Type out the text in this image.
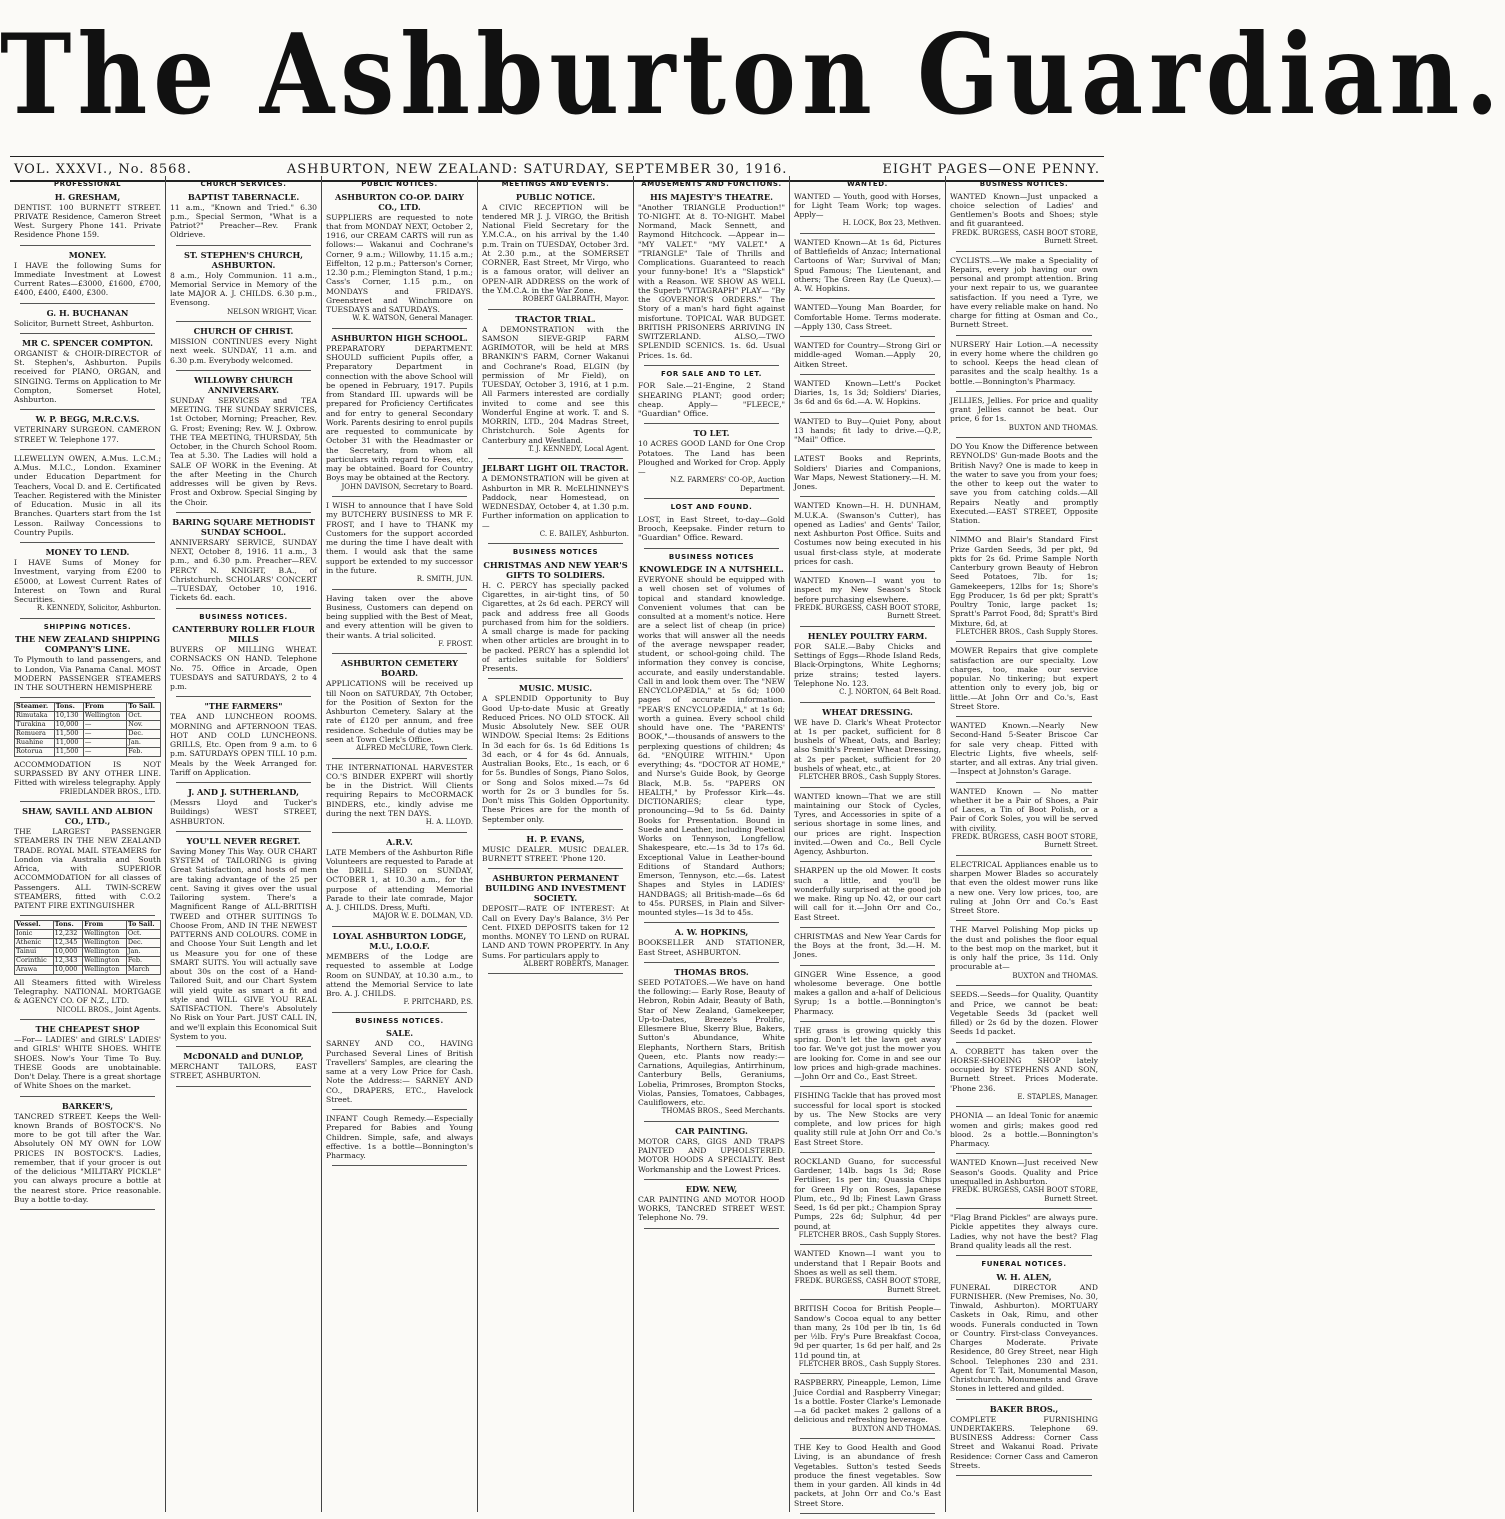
The Ashburton Guardian.
VOL. XXXVI., No. 8568.	ASHBURTON, NEW ZEALAND: SATURDAY, SEPTEMBER 30, 1916.	EIGHT PAGES—ONE PENNY.
PROFESSIONAL
H. GRESHAM,
DENTIST. 100 BURNETT STREET. PRIVATE Residence, Cameron Street West. Surgery Phone 141. Private Residence Phone 159.
MONEY.
I HAVE the following Sums for Immediate Investment at Lowest Current Rates—£3000, £1600, £700, £400, £400, £400, £300.
G. H. BUCHANAN
Solicitor, Burnett Street, Ashburton.
MR C. SPENCER COMPTON.
ORGANIST & CHOIR-DIRECTOR of St. Stephen's, Ashburton. Pupils received for PIANO, ORGAN, and SINGING. Terms on Application to Mr Compton, Somerset Hotel, Ashburton.
W. P. BEGG, M.R.C.V.S.
VETERINARY SURGEON. CAMERON STREET W. Telephone 177.
LLEWELLYN OWEN, A.Mus. L.C.M.; A.Mus. M.I.C., London. Examiner under Education Department for Teachers, Vocal D. and E. Certificated Teacher. Registered with the Minister of Education. Music in all its Branches. Quarters start from the 1st Lesson. Railway Concessions to Country Pupils.
MONEY TO LEND.
I HAVE Sums of Money for Investment, varying from £200 to £5000, at Lowest Current Rates of Interest on Town and Rural Securities.
R. KENNEDY, Solicitor, Ashburton.
SHIPPING NOTICES.
THE NEW ZEALAND SHIPPING COMPANY'S LINE.
To Plymouth to land passengers, and to London, Via Panama Canal. MOST MODERN PASSENGER STEAMERS IN THE SOUTHERN HEMISPHERE
Steamer.	Tons.	From	To Sail.
Rimutaka	10,130	Wellington	Oct.
Turakina	10,000	—	Nov.
Remuera	11,500	—	Dec.
Ruahine	11,000	—	Jan.
Rotorua	11,500	—	Feb.
ACCOMMODATION IS NOT SURPASSED BY ANY OTHER LINE. Fitted with wireless telegraphy. Apply
FRIEDLANDER BROS., LTD.
SHAW, SAVILL AND ALBION CO., LTD.,
THE LARGEST PASSENGER STEAMERS IN THE NEW ZEALAND TRADE. ROYAL MAIL STEAMERS for London via Australia and South Africa, with SUPERIOR ACCOMMODATION for all classes of Passengers. ALL TWIN-SCREW STEAMERS, fitted with C.O.2 PATENT FIRE EXTINGUISHER
Vessel.	Tons.	From	To Sail.
Ionic	12,232	Wellington	Oct.
Athenic	12,345	Wellington	Dec.
Tainui	10,000	Wellington	Jan.
Corinthic	12,343	Wellington	Feb.
Arawa	10,000	Wellington	March
All Steamers fitted with Wireless Telegraphy. NATIONAL MORTGAGE & AGENCY CO. OF N.Z., LTD.
NICOLL BROS., Joint Agents.
THE CHEAPEST SHOP
—For— LADIES' and GIRLS' LADIES' and GIRLS' WHITE SHOES. WHITE SHOES. Now's Your Time To Buy. THESE Goods are unobtainable. Don't Delay. There is a great shortage of White Shoes on the market.
BARKER'S,
TANCRED STREET. Keeps the Well-known Brands of BOSTOCK'S. No more to be got till after the War. Absolutely ON MY OWN for LOW PRICES IN BOSTOCK'S. Ladies, remember, that if your grocer is out of the delicious "MILITARY PICKLE" you can always procure a bottle at the nearest store. Price reasonable. Buy a bottle to-day.
CHURCH SERVICES.
BAPTIST TABERNACLE.
11 a.m., "Known and Tried." 6.30 p.m., Special Sermon, "What is a Patriot?" Preacher—Rev. Frank Oldrieve.
ST. STEPHEN'S CHURCH, ASHBURTON.
8 a.m., Holy Communion. 11 a.m., Memorial Service in Memory of the late MAJOR A. J. CHILDS. 6.30 p.m., Evensong.
NELSON WRIGHT, Vicar.
CHURCH OF CHRIST.
MISSION CONTINUES every Night next week. SUNDAY, 11 a.m. and 6.30 p.m. Everybody welcomed.
WILLOWBY CHURCH ANNIVERSARY.
SUNDAY SERVICES and TEA MEETING. THE SUNDAY SERVICES, 1st October, Morning; Preacher, Rev. G. Frost; Evening; Rev. W. J. Oxbrow. THE TEA MEETING, THURSDAY, 5th October, in the Church School Room. Tea at 5.30. The Ladies will hold a SALE OF WORK in the Evening. At the after Meeting in the Church addresses will be given by Revs. Frost and Oxbrow. Special Singing by the Choir.
BARING SQUARE METHODIST SUNDAY SCHOOL.
ANNIVERSARY SERVICE, SUNDAY NEXT, October 8, 1916. 11 a.m., 3 p.m., and 6.30 p.m. Preacher—REV. PERCY N. KNIGHT, B.A., of Christchurch. SCHOLARS' CONCERT—TUESDAY, October 10, 1916. Tickets 6d. each.
BUSINESS NOTICES.
CANTERBURY ROLLER FLOUR MILLS
BUYERS OF MILLING WHEAT. CORNSACKS ON HAND. Telephone No. 75. Office in Arcade, Open TUESDAYS and SATURDAYS, 2 to 4 p.m.
"THE FARMERS"
TEA AND LUNCHEON ROOMS. MORNING and AFTERNOON TEAS. HOT AND COLD LUNCHEONS. GRILLS, Etc. Open from 9 a.m. to 6 p.m. SATURDAYS OPEN TILL 10 p.m. Meals by the Week Arranged for. Tariff on Application.
J. AND J. SUTHERLAND,
(Messrs Lloyd and Tucker's Buildings) WEST STREET, ASHBURTON.
YOU'LL NEVER REGRET.
Saving Money This Way. OUR CHART SYSTEM of TAILORING is giving Great Satisfaction, and hosts of men are taking advantage of the 25 per cent. Saving it gives over the usual Tailoring system. There's a Magnificent Range of ALL-BRITISH TWEED and OTHER SUITINGS To Choose From, AND IN THE NEWEST PATTERNS AND COLOURS. COME in and Choose Your Suit Length and let us Measure you for one of these SMART SUITS. You will actually save about 30s on the cost of a Hand-Tailored Suit, and our Chart System will yield quite as smart a fit and style and WILL GIVE YOU REAL SATISFACTION. There's Absolutely No Risk on Your Part. JUST CALL IN, and we'll explain this Economical Suit System to you.
McDONALD and DUNLOP,
MERCHANT TAILORS, EAST STREET, ASHBURTON.
PUBLIC NOTICES.
ASHBURTON CO-OP. DAIRY CO., LTD.
SUPPLIERS are requested to note that from MONDAY NEXT, October 2, 1916, our CREAM CARTS will run as follows:— Wakanui and Cochrane's Corner, 9 a.m.; Willowby, 11.15 a.m.; Eiffelton, 12 p.m.; Patterson's Corner, 12.30 p.m.; Flemington Stand, 1 p.m.; Cass's Corner, 1.15 p.m., on MONDAYS and FRIDAYS. Greenstreet and Winchmore on TUESDAYS and SATURDAYS.
W. K. WATSON, General Manager.
ASHBURTON HIGH SCHOOL.
PREPARATORY DEPARTMENT. SHOULD sufficient Pupils offer, a Preparatory Department in connection with the above School will be opened in February, 1917. Pupils from Standard III. upwards will be prepared for Proficiency Certificates and for entry to general Secondary Work. Parents desiring to enrol pupils are requested to communicate by October 31 with the Headmaster or the Secretary, from whom all particulars with regard to Fees, etc., may be obtained. Board for Country Boys may be obtained at the Rectory.
JOHN DAVISON, Secretary to Board.
I WISH to announce that I have Sold my BUTCHERY BUSINESS to MR F. FROST, and I have to THANK my Customers for the support accorded me during the time I have dealt with them. I would ask that the same support be extended to my successor in the future.
R. SMITH, JUN.
Having taken over the above Business, Customers can depend on being supplied with the Best of Meat, and every attention will be given to their wants. A trial solicited.
F. FROST.
ASHBURTON CEMETERY BOARD.
APPLICATIONS will be received up till Noon on SATURDAY, 7th October, for the Position of Sexton for the Ashburton Cemetery. Salary at the rate of £120 per annum, and free residence. Schedule of duties may be seen at Town Clerk's Office.
ALFRED McCLURE, Town Clerk.
THE INTERNATIONAL HARVESTER CO.'S BINDER EXPERT will shortly be in the District. Will Clients requiring Repairs to McCORMACK BINDERS, etc., kindly advise me during the next TEN DAYS.
H. A. LLOYD.
A.R.V.
LATE Members of the Ashburton Rifle Volunteers are requested to Parade at the DRILL SHED on SUNDAY, OCTOBER 1, at 10.30 a.m., for the purpose of attending Memorial Parade to their late comrade, Major A. J. CHILDS. Dress, Mufti.
MAJOR W. E. DOLMAN, V.D.
LOYAL ASHBURTON LODGE, M.U., I.O.O.F.
MEMBERS of the Lodge are requested to assemble at Lodge Room on SUNDAY, at 10.30 a.m., to attend the Memorial Service to late Bro. A. J. CHILDS.
F. PRITCHARD, P.S.
BUSINESS NOTICES.
SALE.
SARNEY AND CO., HAVING Purchased Several Lines of British Travellers' Samples, are clearing the same at a very Low Price for Cash. Note the Address:— SARNEY AND CO., DRAPERS, ETC., Havelock Street.
INFANT Cough Remedy.—Especially Prepared for Babies and Young Children. Simple, safe, and always effective. 1s a bottle—Bonnington's Pharmacy.
MEETINGS AND EVENTS.
PUBLIC NOTICE.
A CIVIC RECEPTION will be tendered MR J. J. VIRGO, the British National Field Secretary for the Y.M.C.A., on his arrival by the 1.40 p.m. Train on TUESDAY, October 3rd. At 2.30 p.m., at the SOMERSET CORNER, East Street, Mr Virgo, who is a famous orator, will deliver an OPEN-AIR ADDRESS on the work of the Y.M.C.A. in the War Zone.
ROBERT GALBRAITH, Mayor.
TRACTOR TRIAL.
A DEMONSTRATION with the SAMSON SIEVE-GRIP FARM AGRIMOTOR, will be held at MRS BRANKIN'S FARM, Corner Wakanui and Cochrane's Road, ELGIN (by permission of Mr Field), on TUESDAY, October 3, 1916, at 1 p.m. All Farmers interested are cordially invited to come and see this Wonderful Engine at work. T. and S. MORRIN, LTD., 204 Madras Street, Christchurch. Sole Agents for Canterbury and Westland.
T. J. KENNEDY, Local Agent.
JELBART LIGHT OIL TRACTOR.
A DEMONSTRATION will be given at Ashburton in MR R. McELHINNEY'S Paddock, near Homestead, on WEDNESDAY, October 4, at 1.30 p.m. Further information on application to—
C. E. BAILEY, Ashburton.
BUSINESS NOTICES
CHRISTMAS AND NEW YEAR'S GIFTS TO SOLDIERS.
H. C. PERCY has specially packed Cigarettes, in air-tight tins, of 50 Cigarettes, at 2s 6d each. PERCY will pack and address free all Goods purchased from him for the soldiers. A small charge is made for packing when other articles are brought in to be packed. PERCY has a splendid lot of articles suitable for Soldiers' Presents.
MUSIC. MUSIC.
A SPLENDID Opportunity to Buy Good Up-to-date Music at Greatly Reduced Prices. NO OLD STOCK. All Music Absolutely New. SEE OUR WINDOW. Special Items: 2s Editions In 3d each for 6s. 1s 6d Editions 1s 3d each, or 4 for 4s 6d. Annuals, Australian Books, Etc., 1s each, or 6 for 5s. Bundles of Songs, Piano Solos, or Song and Solos mixed.—7s 6d worth for 2s or 3 bundles for 5s. Don't miss This Golden Opportunity. These Prices are for the month of September only.
H. P. EVANS,
MUSIC DEALER. MUSIC DEALER. BURNETT STREET. 'Phone 120.
ASHBURTON PERMANENT BUILDING AND INVESTMENT SOCIETY.
DEPOSIT—RATE OF INTEREST: At Call on Every Day's Balance, 3½ Per Cent. FIXED DEPOSITS taken for 12 months. MONEY TO LEND on RURAL LAND AND TOWN PROPERTY. In Any Sums. For particulars apply to
ALBERT ROBERTS, Manager.
AMUSEMENTS AND FUNCTIONS.
HIS MAJESTY'S THEATRE.
"Another TRIANGLE Production!" TO-NIGHT. At 8. TO-NIGHT. Mabel Normand, Mack Sennett, and Raymond Hitchcock. —Appear in— "MY VALET." "MY VALET." A "TRIANGLE" Tale of Thrills and Complications. Guaranteed to reach your funny-bone! It's a "Slapstick" with a Reason. WE SHOW AS WELL the Superb "VITAGRAPH" PLAY— "By the GOVERNOR'S ORDERS." The Story of a man's hard fight against misfortune. TOPICAL WAR BUDGET. BRITISH PRISONERS ARRIVING IN SWITZERLAND. ALSO,—TWO SPLENDID SCENICS. 1s. 6d. Usual Prices. 1s. 6d.
FOR SALE AND TO LET.
FOR Sale.—21-Engine, 2 Stand SHEARING PLANT; good order; cheap. Apply— "FLEECE," "Guardian" Office.
TO LET.
10 ACRES GOOD LAND for One Crop Potatoes. The Land has been Ploughed and Worked for Crop. Apply—
N.Z. FARMERS' CO-OP., Auction Department.
LOST AND FOUND.
LOST, in East Street, to-day—Gold Brooch, Keepsake. Finder return to "Guardian" Office. Reward.
BUSINESS NOTICES
KNOWLEDGE IN A NUTSHELL.
EVERYONE should be equipped with a well chosen set of volumes of topical and standard knowledge. Convenient volumes that can be consulted at a moment's notice. Here are a select list of cheap (in price) works that will answer all the needs of the average newspaper reader, student, or school-going child. The information they convey is concise, accurate, and easily understandable. Call in and look them over. The "NEW ENCYCLOPÆDIA," at 5s 6d; 1000 pages of accurate information. "PEAR'S ENCYCLOPÆDIA," at 1s 6d; worth a guinea. Every school child should have one. The "PARENTS' BOOK,"—thousands of answers to the perplexing questions of children; 4s 6d. "ENQUIRE WITHIN." Upon everything; 4s. "DOCTOR AT HOME," and Nurse's Guide Book, by George Black, M.B. 5s. "PAPERS ON HEALTH," by Professor Kirk—4s. DICTIONARIES; clear type, pronouncing—9d to 5s 6d. Dainty Books for Presentation. Bound in Suede and Leather, including Poetical Works on Tennyson, Longfellow, Shakespeare, etc.—1s 3d to 17s 6d. Exceptional Value in Leather-bound Editions of Standard Authors; Emerson, Tennyson, etc.—6s. Latest Shapes and Styles in LADIES' HANDBAGS; all British-made—6s 6d to 45s. PURSES, in Plain and Silver-mounted styles—1s 3d to 45s.
A. W. HOPKINS,
BOOKSELLER AND STATIONER, East Street, ASHBURTON.
THOMAS BROS.
SEED POTATOES.—We have on hand the following:— Early Rose, Beauty of Hebron, Robin Adair, Beauty of Bath, Star of New Zealand, Gamekeeper, Up-to-Dates, Breeze's Prolific, Ellesmere Blue, Skerry Blue, Bakers, Sutton's Abundance, White Elephants, Northern Stars, British Queen, etc. Plants now ready:— Carnations, Aquilegias, Antirrhinum, Canterbury Bells, Geraniums, Lobelia, Primroses, Brompton Stocks, Violas, Pansies, Tomatoes, Cabbages, Cauliflowers, etc.
THOMAS BROS., Seed Merchants.
CAR PAINTING.
MOTOR CARS, GIGS AND TRAPS PAINTED AND UPHOLSTERED. MOTOR HOODS A SPECIALTY. Best Workmanship and the Lowest Prices.
EDW. NEW,
CAR PAINTING AND MOTOR HOOD WORKS, TANCRED STREET WEST. Telephone No. 79.
WANTED.
WANTED — Youth, good with Horses, for Light Team Work; top wages. Apply—
H. LOCK, Box 23, Methven.
WANTED Known—At 1s 6d, Pictures of Battlefields of Anzac; International Cartoons of War; Survival of Man; Spud Famous; The Lieutenant, and others; The Green Ray (Le Queux).—A. W. Hopkins.
WANTED—Young Man Boarder, for Comfortable Home. Terms moderate.—Apply 130, Cass Street.
WANTED for Country—Strong Girl or middle-aged Woman.—Apply 20, Aitken Street.
WANTED Known—Lett's Pocket Diaries, 1s, 1s 3d; Soldiers' Diaries, 3s 6d and 6s 6d.—A. W. Hopkins.
WANTED to Buy—Quiet Pony, about 13 hands; fit lady to drive.—Q.P., "Mail" Office.
LATEST Books and Reprints, Soldiers' Diaries and Companions, War Maps, Newest Stationery.—H. M. Jones.
WANTED Known—H. H. DUNHAM, M.U.K.A. (Swanson's Cutter), has opened as Ladies' and Gents' Tailor, next Ashburton Post Office. Suits and Costumes now being executed in his usual first-class style, at moderate prices for cash.
WANTED Known—I want you to inspect my New Season's Stock before purchasing elsewhere.
FREDK. BURGESS, CASH BOOT STORE, Burnett Street.
HENLEY POULTRY FARM.
FOR SALE.—Baby Chicks and Settings of Eggs—Rhode Island Reds, Black-Orpingtons, White Leghorns; prize strains; tested layers. Telephone No. 123.
C. J. NORTON, 64 Belt Road.
WHEAT DRESSING.
WE have D. Clark's Wheat Protector at 1s per packet, sufficient for 8 bushels of Wheat, Oats, and Barley; also Smith's Premier Wheat Dressing, at 2s per packet, sufficient for 20 bushels of wheat, etc., at
FLETCHER BROS., Cash Supply Stores.
WANTED known—That we are still maintaining our Stock of Cycles, Tyres, and Accessories in spite of a serious shortage in some lines, and our prices are right. Inspection invited.—Owen and Co., Bell Cycle Agency, Ashburton.
SHARPEN up the old Mower. It costs such a little, and you'll be wonderfully surprised at the good job we make. Ring up No. 42, or our cart will call for it.—John Orr and Co., East Street.
CHRISTMAS and New Year Cards for the Boys at the front, 3d.—H. M. Jones.
GINGER Wine Essence, a good wholesome beverage. One bottle makes a gallon and a-half of Delicious Syrup; 1s a bottle.—Bonnington's Pharmacy.
THE grass is growing quickly this spring. Don't let the lawn get away too far. We've got just the mower you are looking for. Come in and see our low prices and high-grade machines.—John Orr and Co., East Street.
FISHING Tackle that has proved most successful for local sport is stocked by us. The New Stocks are very complete, and low prices for high quality still rule at John Orr and Co.'s East Street Store.
ROCKLAND Guano, for successful Gardener, 14lb. bags 1s 3d; Rose Fertiliser, 1s per tin; Quassia Chips for Green Fly on Roses, Japanese Plum, etc., 9d lb; Finest Lawn Grass Seed, 1s 6d per pkt.; Champion Spray Pumps, 22s 6d; Sulphur, 4d per pound, at
FLETCHER BROS., Cash Supply Stores.
WANTED Known—I want you to understand that I Repair Boots and Shoes as well as sell them.
FREDK. BURGESS, CASH BOOT STORE, Burnett Street.
BRITISH Cocoa for British People—Sandow's Cocoa equal to any better than many, 2s 10d per lb tin, 1s 6d per ½lb. Fry's Pure Breakfast Cocoa, 9d per quarter, 1s 6d per half, and 2s 11d pound tin, at
FLETCHER BROS., Cash Supply Stores.
RASPBERRY, Pineapple, Lemon, Lime Juice Cordial and Raspberry Vinegar; 1s a bottle. Foster Clarke's Lemonade—a 6d packet makes 2 gallons of a delicious and refreshing beverage.
BUXTON AND THOMAS.
THE Key to Good Health and Good Living, is an abundance of fresh Vegetables. Sutton's tested Seeds produce the finest vegetables. Sow them in your garden. All kinds in 4d packets, at John Orr and Co.'s East Street Store.
BUSINESS NOTICES.
WANTED Known—Just unpacked a choice selection of Ladies' and Gentlemen's Boots and Shoes; style and fit guaranteed.
FREDK. BURGESS, CASH BOOT STORE, Burnett Street.
CYCLISTS.—We make a Speciality of Repairs, every job having our own personal and prompt attention. Bring your next repair to us, we guarantee satisfaction. If you need a Tyre, we have every reliable make on hand. No charge for fitting at Osman and Co., Burnett Street.
NURSERY Hair Lotion.—A necessity in every home where the children go to school. Keeps the head clean of parasites and the scalp healthy. 1s a bottle.—Bonnington's Pharmacy.
JELLIES, Jellies. For price and quality grant Jellies cannot be beat. Our price, 6 for 1s.
BUXTON AND THOMAS.
DO You Know the Difference between REYNOLDS' Gun-made Boots and the British Navy? One is made to keep in the water to save you from your foes; the other to keep out the water to save you from catching colds.—All Repairs Neatly and promptly Executed.—EAST STREET, Opposite Station.
NIMMO and Blair's Standard First Prize Garden Seeds, 3d per pkt, 9d pkts for 2s 6d. Prime Sample North Canterbury grown Beauty of Hebron Seed Potatoes, 7lb. for 1s; Gamekeepers, 12lbs for 1s; Shore's Egg Producer, 1s 6d per pkt; Spratt's Poultry Tonic, large packet 1s; Spratt's Parrot Food, 8d; Spratt's Bird Mixture, 6d, at
FLETCHER BROS., Cash Supply Stores.
MOWER Repairs that give complete satisfaction are our specialty. Low charges, too, make our service popular. No tinkering; but expert attention only to every job, big or little.—At John Orr and Co.'s, East Street Store.
WANTED Known.—Nearly New Second-Hand 5-Seater Briscoe Car for sale very cheap. Fitted with Electric Lights, five wheels, self-starter, and all extras. Any trial given.—Inspect at Johnston's Garage.
WANTED Known — No matter whether it be a Pair of Shoes, a Pair of Laces, a Tin of Boot Polish, or a Pair of Cork Soles, you will be served with civility.
FREDK. BURGESS, CASH BOOT STORE, Burnett Street.
ELECTRICAL Appliances enable us to sharpen Mower Blades so accurately that even the oldest mower runs like a new one. Very low prices, too, are ruling at John Orr and Co.'s East Street Store.
THE Marvel Polishing Mop picks up the dust and polishes the floor equal to the best mop on the market, but it is only half the price, 3s 11d. Only procurable at—
BUXTON and THOMAS.
SEEDS.—Seeds—for Quality, Quantity and Price, we cannot be beat: Vegetable Seeds 3d (packet well filled) or 2s 6d by the dozen. Flower Seeds 1d packet.
A. CORBETT has taken over the HORSE-SHOEING SHOP lately occupied by STEPHENS AND SON, Burnett Street. Prices Moderate. 'Phone 236.
E. STAPLES, Manager.
PHONIA — an Ideal Tonic for anæmic women and girls; makes good red blood. 2s a bottle.—Bonnington's Pharmacy.
WANTED Known—Just received New Season's Goods. Quality and Price unequalled in Ashburton.
FREDK. BURGESS, CASH BOOT STORE, Burnett Street.
"Flag Brand Pickles" are always pure. Pickle appetites they always cure. Ladies, why not have the best? Flag Brand quality leads all the rest.
FUNERAL NOTICES.
W. H. ALEN,
FUNERAL DIRECTOR AND FURNISHER. (New Premises, No. 30, Tinwald, Ashburton). MORTUARY Caskets in Oak, Rimu, and other woods. Funerals conducted in Town or Country. First-class Conveyances. Charges Moderate. Private Residence, 80 Grey Street, near High School. Telephones 230 and 231. Agent for T. Tait, Monumental Mason, Christchurch. Monuments and Grave Stones in lettered and gilded.
BAKER BROS.,
COMPLETE FURNISHING UNDERTAKERS. Telephone 69. BUSINESS Address: Corner Cass Street and Wakanui Road. Private Residence: Corner Cass and Cameron Streets.
